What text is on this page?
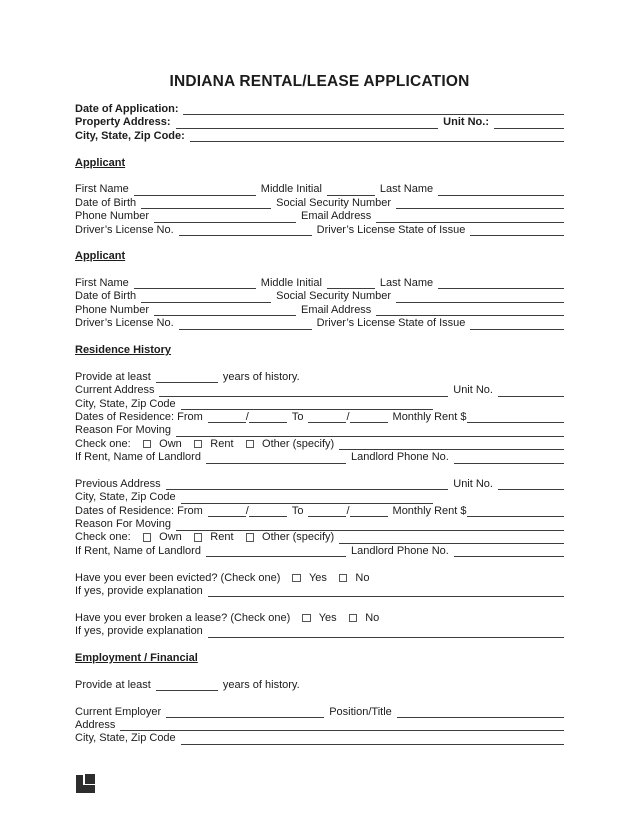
INDIANA RENTAL/LEASE APPLICATION
Date of Application:
Property Address:	Unit No.:
City, State, Zip Code:
Applicant
First Name	Middle Initial	Last Name
Date of Birth	Social Security Number
Phone Number	Email Address
Driver’s License No.	Driver’s License State of Issue
Applicant
First Name	Middle Initial	Last Name
Date of Birth	Social Security Number
Phone Number	Email Address
Driver’s License No.	Driver’s License State of Issue
Residence History
Provide at least	years of history.
Current Address	Unit No.
City, State, Zip Code
Dates of Residence: From	/	To	/	Monthly Rent $
Reason For Moving
Check one:	Own	Rent	Other (specify)
If Rent, Name of Landlord	Landlord Phone No.
Previous Address	Unit No.
City, State, Zip Code
Dates of Residence: From	/	To	/	Monthly Rent $
Reason For Moving
Check one:	Own	Rent	Other (specify)
If Rent, Name of Landlord	Landlord Phone No.
Have you ever been evicted? (Check one)	Yes	No
If yes, provide explanation
Have you ever broken a lease? (Check one)	Yes	No
If yes, provide explanation
Employment / Financial
Provide at least	years of history.
Current Employer	Position/Title
Address
City, State, Zip Code
